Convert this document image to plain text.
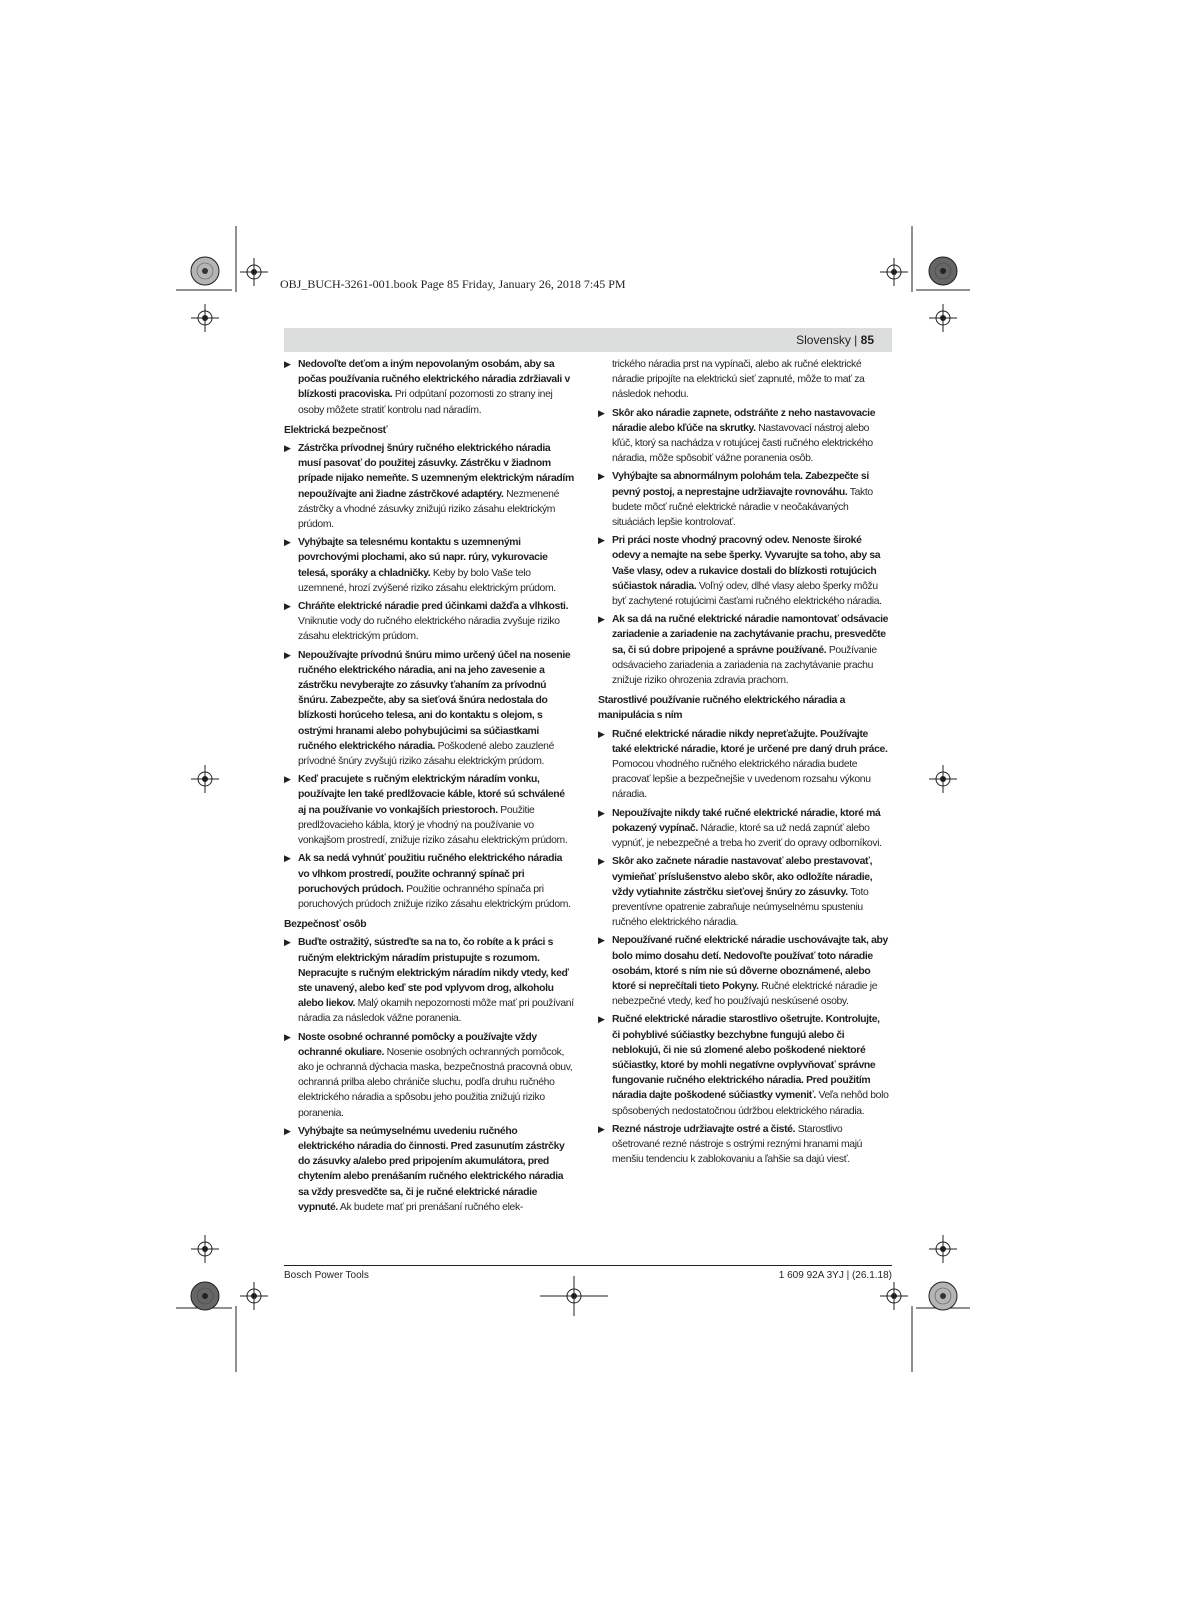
OBJ_BUCH-3261-001.book Page 85 Friday, January 26, 2018 7:45 PM
Slovensky | 85
▶ Nedovoľte deťom a iným nepovolaným osobám, aby sa počas používania ručného elektrického náradia zdržiavali v blízkosti pracoviska. Pri odpútaní pozornosti zo strany inej osoby môžete stratiť kontrolu nad náradím.
Elektrická bezpečnosť
▶ Zástrčka prívodnej šnúry ručného elektrického náradia musí pasovať do použitej zásuvky. Zástrčku v žiadnom prípade nijako nemeňte. S uzemneným elektrickým náradím nepoužívajte ani žiadne zástrčkové adaptéry. Nezmenené zástrčky a vhodné zásuvky znižujú riziko zásahu elektrickým prúdom.
▶ Vyhýbajte sa telesnému kontaktu s uzemnenými povrchovými plochami, ako sú napr. rúry, vykurovacie telesá, sporáky a chladničky. Keby by bolo Vaše telo uzemnené, hrozí zvýšené riziko zásahu elektrickým prúdom.
▶ Chráňte elektrické náradie pred účinkami dažďa a vlhkosti. Vniknutie vody do ručného elektrického náradia zvyšuje riziko zásahu elektrickým prúdom.
▶ Nepoužívajte prívodnú šnúru mimo určený účel na nosenie ručného elektrického náradia, ani na jeho zavesenie a zástrčku nevyberajte zo zásuvky ťahaním za prívodnú šnúru. Zabezpečte, aby sa sieťová šnúra nedostala do blízkosti horúceho telesa, ani do kontaktu s olejom, s ostrými hranami alebo pohybujúcimi sa súčiastkami ručného elektrického náradia. Poškodené alebo zauzlené prívodné šnúry zvyšujú riziko zásahu elektrickým prúdom.
▶ Keď pracujete s ručným elektrickým náradím vonku, používajte len také predlžovacie káble, ktoré sú schválené aj na používanie vo vonkajších priestoroch. Použitie predlžovacieho kábla, ktorý je vhodný na používanie vo vonkajšom prostredí, znižuje riziko zásahu elektrickým prúdom.
▶ Ak sa nedá vyhnúť použitiu ručného elektrického náradia vo vlhkom prostredí, použite ochranný spínač pri poruchových prúdoch. Použitie ochranného spínača pri poruchových prúdoch znižuje riziko zásahu elektrickým prúdom.
Bezpečnosť osôb
▶ Buďte ostražitý, sústreďte sa na to, čo robíte a k práci s ručným elektrickým náradím pristupujte s rozumom. Nepracujte s ručným elektrickým náradím nikdy vtedy, keď ste unavený, alebo keď ste pod vplyvom drog, alkoholu alebo liekov. Malý okamih nepozornosti môže mať pri používaní náradia za následok vážne poranenia.
▶ Noste osobné ochranné pomôcky a používajte vždy ochranné okuliare. Nosenie osobných ochranných pomôcok, ako je ochranná dýchacia maska, bezpečnostná pracovná obuv, ochranná prilba alebo chrániče sluchu, podľa druhu ručného elektrického náradia a spôsobu jeho použitia znižujú riziko poranenia.
▶ Vyhýbajte sa neúmyselnému uvedeniu ručného elektrického náradia do činnosti. Pred zasunutím zástrčky do zásuvky a/alebo pred pripojením akumulátora, pred chytením alebo prenášaním ručného elektrického náradia sa vždy presvedčte sa, či je ručné elektrické náradie vypnuté. Ak budete mať pri prenášaní ručného elek-
trického náradia prst na vypínači, alebo ak ručné elektrické náradie pripojíte na elektrickú sieť zapnuté, môže to mať za následok nehodu.
▶ Skôr ako náradie zapnete, odstráňte z neho nastavovacie náradie alebo kľúče na skrutky. Nastavovací nástroj alebo kľúč, ktorý sa nachádza v rotujúcej časti ručného elektrického náradia, môže spôsobiť vážne poranenia osôb.
▶ Vyhýbajte sa abnormálnym polohám tela. Zabezpečte si pevný postoj, a neprestajne udržiavajte rovnováhu. Takto budete môcť ručné elektrické náradie v neočakávaných situáciách lepšie kontrolovať.
▶ Pri práci noste vhodný pracovný odev. Nenoste široké odevy a nemajte na sebe šperky. Vyvarujte sa toho, aby sa Vaše vlasy, odev a rukavice dostali do blízkosti rotujúcich súčiastok náradia. Voľný odev, dlhé vlasy alebo šperky môžu byť zachytené rotujúcimi časťami ručného elektrického náradia.
▶ Ak sa dá na ručné elektrické náradie namontovať odsávacie zariadenie a zariadenie na zachytávanie prachu, presvedčte sa, či sú dobre pripojené a správne používané. Používanie odsávacieho zariadenia a zariadenia na zachytávanie prachu znižuje riziko ohrozenia zdravia prachom.
Starostlivé používanie ručného elektrického náradia a manipulácia s ním
▶ Ručné elektrické náradie nikdy nepreťažujte. Používajte také elektrické náradie, ktoré je určené pre daný druh práce. Pomocou vhodného ručného elektrického náradia budete pracovať lepšie a bezpečnejšie v uvedenom rozsahu výkonu náradia.
▶ Nepoužívajte nikdy také ručné elektrické náradie, ktoré má pokazený vypínač. Náradie, ktoré sa už nedá zapnúť alebo vypnúť, je nebezpečné a treba ho zveriť do opravy odborníkovi.
▶ Skôr ako začnete náradie nastavovať alebo prestavovať, vymieňať príslušenstvo alebo skôr, ako odložíte náradie, vždy vytiahnite zástrčku sieťovej šnúry zo zásuvky. Toto preventívne opatrenie zabraňuje neúmyselnému spusteniu ručného elektrického náradia.
▶ Nepoužívané ručné elektrické náradie uschovávajte tak, aby bolo mimo dosahu detí. Nedovoľte používať toto náradie osobám, ktoré s ním nie sú dôverne oboznámené, alebo ktoré si neprečítali tieto Pokyny. Ručné elektrické náradie je nebezpečné vtedy, keď ho používajú neskúsené osoby.
▶ Ručné elektrické náradie starostlivo ošetrujte. Kontrolujte, či pohyblivé súčiastky bezchybne fungujú alebo či neblokujú, či nie sú zlomené alebo poškodené niektoré súčiastky, ktoré by mohli negatívne ovplyvňovať správne fungovanie ručného elektrického náradia. Pred použitím náradia dajte poškodené súčiastky vymeniť. Veľa nehôd bolo spôsobených nedostatočnou údržbou elektrického náradia.
▶ Rezné nástroje udržiavajte ostré a čisté. Starostlivo ošetrované rezné nástroje s ostrými reznými hranami majú menšiu tendenciu k zablokovaniu a ľahšie sa dajú viesť.
Bosch Power Tools	1 609 92A 3YJ | (26.1.18)
